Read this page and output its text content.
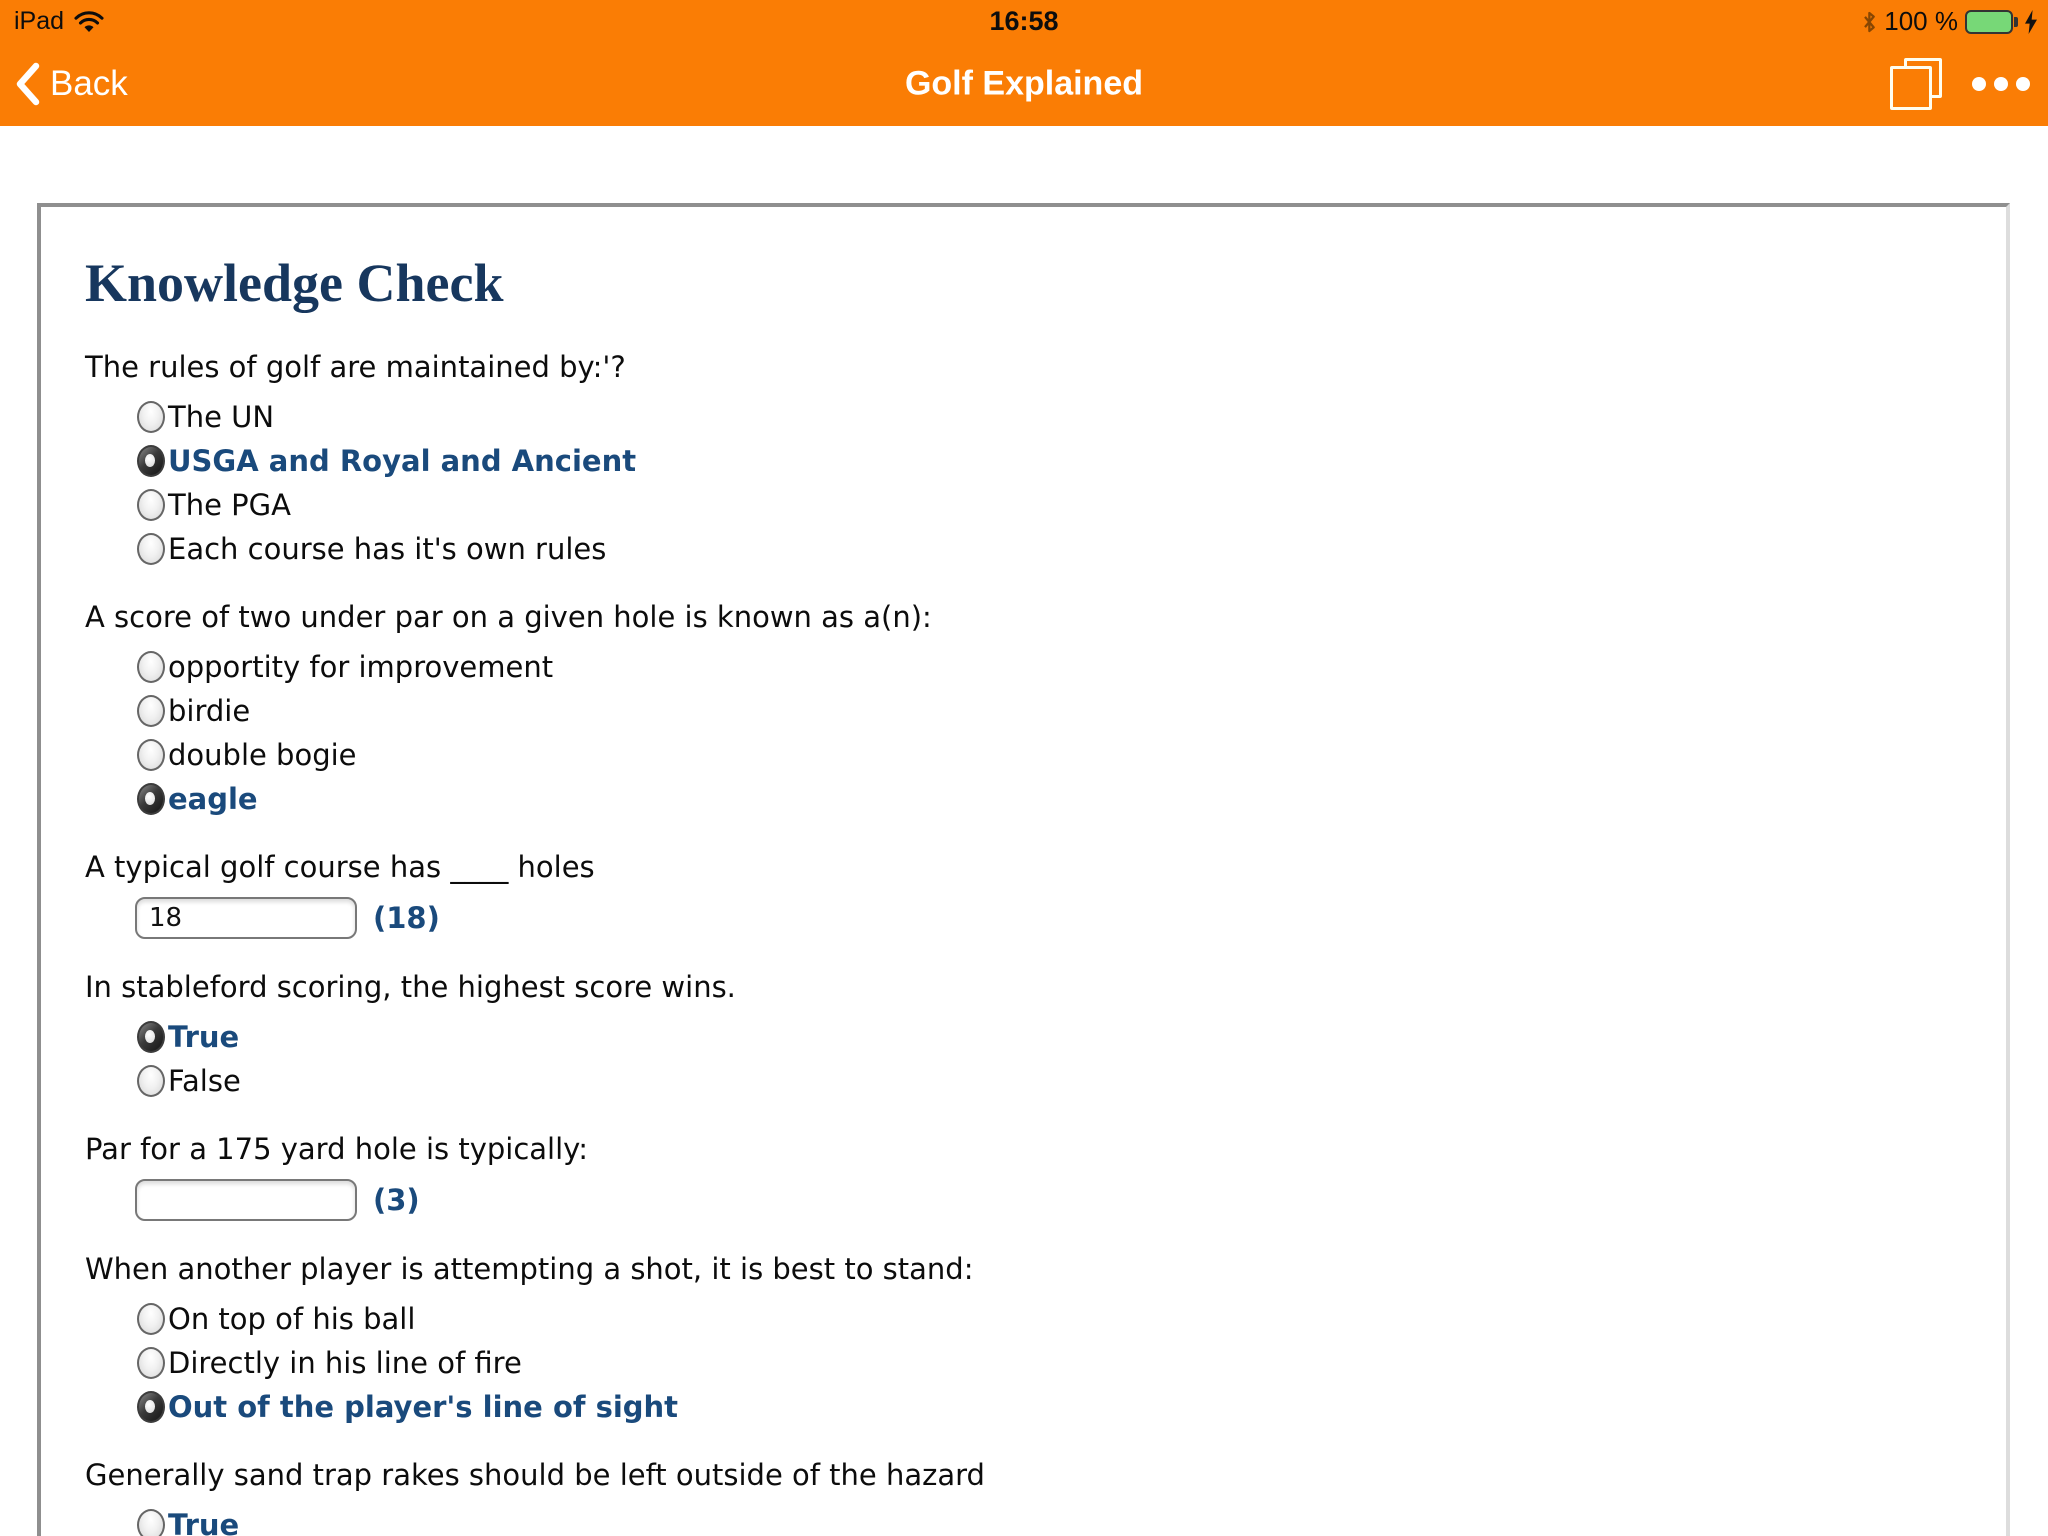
iPad	16:58	100 %
Back	Golf Explained
Knowledge Check
The rules of golf are maintained by:'?
The UN
USGA and Royal and Ancient
The PGA
Each course has it's own rules
A score of two under par on a given hole is known as a(n):
opportity for improvement
birdie
double bogie
eagle
A typical golf course has ____ holes
18
(18)
In stableford scoring, the highest score wins.
True
False
Par for a 175 yard hole is typically:
(3)
When another player is attempting a shot, it is best to stand:
On top of his ball
Directly in his line of fire
Out of the player's line of sight
Generally sand trap rakes should be left outside of the hazard
True
